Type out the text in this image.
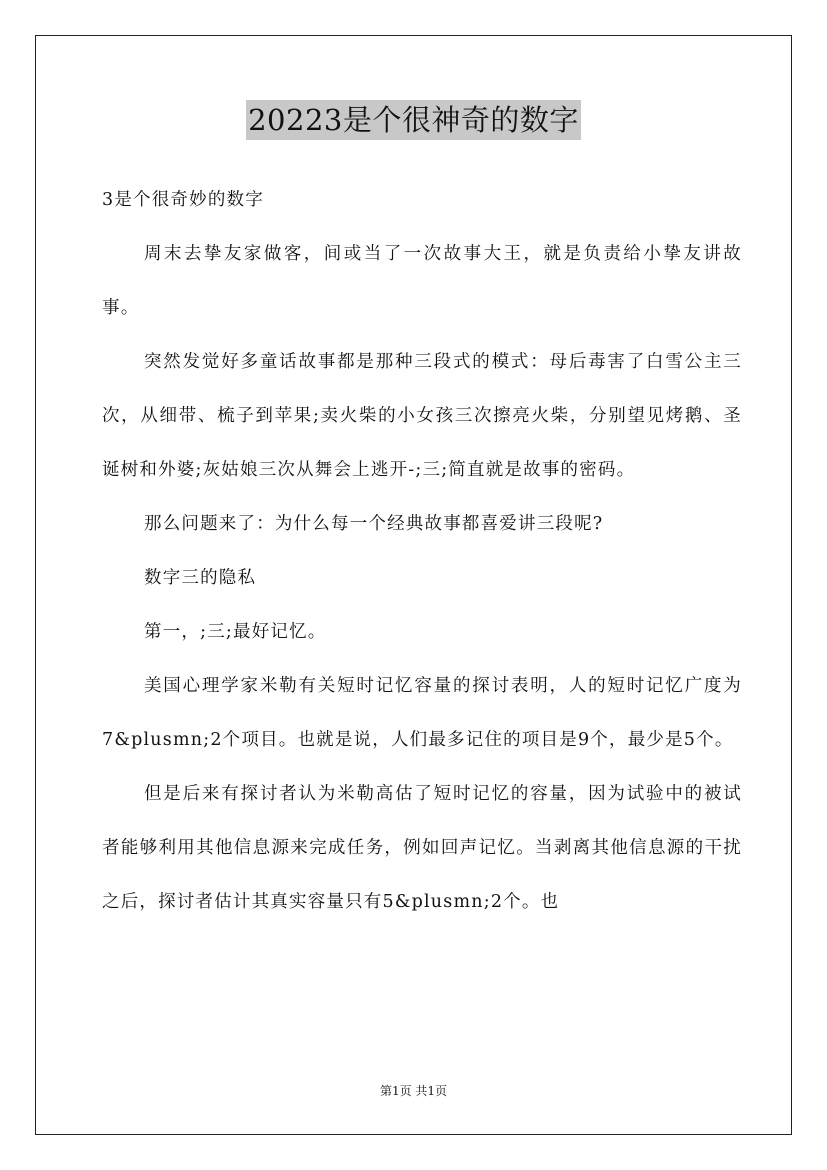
20223是个很神奇的数字

3是个很奇妙的数字

周末去挚友家做客，间或当了一次故事大王，就是负责给小挚友讲故事。

突然发觉好多童话故事都是那种三段式的模式：母后毒害了白雪公主三次，从细带、梳子到苹果;卖火柴的小女孩三次擦亮火柴，分别望见烤鹅、圣诞树和外婆;灰姑娘三次从舞会上逃开-;三;简直就是故事的密码。

那么问题来了：为什么每一个经典故事都喜爱讲三段呢?

数字三的隐私

第一，;三;最好记忆。

美国心理学家米勒有关短时记忆容量的探讨表明，人的短时记忆广度为7&plusmn;2个项目。也就是说，人们最多记住的项目是9个，最少是5个。

但是后来有探讨者认为米勒高估了短时记忆的容量，因为试验中的被试者能够利用其他信息源来完成任务，例如回声记忆。当剥离其他信息源的干扰之后，探讨者估计其真实容量只有5&plusmn;2个。也

第1页 共1页
